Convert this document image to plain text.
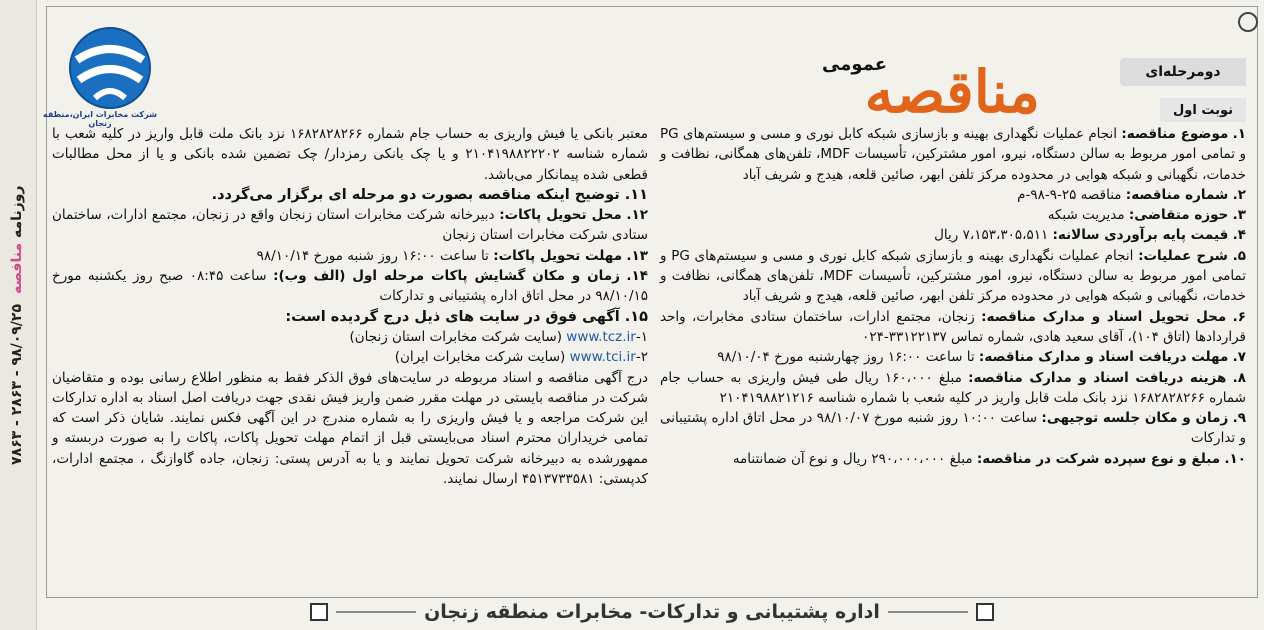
روزنامه

منافصه

۹۸/۰۹/۲۵ - ۲۸۶۳ - ۷۸۶۳
شرکت مخابرات ایران،منطقه زنجان	مناقصه
عمومی	دومرحله‌ای
نوبت اول

۱. موضوع مناقصه: انجام عملیات نگهداری بهینه و بازسازی شبکه کابل نوری و مسی و سیستم‌های PG و تمامی امور مربوط به سالن دستگاه، نیرو، امور مشترکین، تأسیسات MDF، تلفن‌های همگانی، نظافت و خدمات، نگهبانی و شبکه هوایی در محدوده مرکز تلفن ابهر، صائین قلعه، هیدج و شریف آباد

۲. شماره مناقصه: مناقصه ۲۵-۹-۹۸-م

۳. حوزه متقاضی: مدیریت شبکه

۴. قیمت پایه برآوردی سالانه: ۷،۱۵۳،۳۰۵،۵۱۱ ریال

۵. شرح عملیات: انجام عملیات نگهداری بهینه و بازسازی شبکه کابل نوری و مسی و سیستم‌های PG و تمامی امور مربوط به سالن دستگاه، نیرو، امور مشترکین، تأسیسات MDF، تلفن‌های همگانی، نظافت و خدمات، نگهبانی و شبکه هوایی در محدوده مرکز تلفن ابهر، صائین قلعه، هیدج و شریف آباد

۶. محل تحویل اسناد و مدارک مناقصه: زنجان، مجتمع ادارات، ساختمان ستادی مخابرات، واحد قراردادها (اتاق ۱۰۴)، آقای سعید هادی، شماره تماس ۳۳۱۲۲۱۳۷-۰۲۴

۷. مهلت دریافت اسناد و مدارک مناقصه: تا ساعت ۱۶:۰۰ روز چهارشنبه مورخ ۹۸/۱۰/۰۴

۸. هزینه دریافت اسناد و مدارک مناقصه: مبلغ ۱۶۰،۰۰۰ ریال طی فیش واریزی به حساب جام شماره ۱۶۸۲۸۲۸۲۶۶ نزد بانک ملت قابل واریز در کلیه شعب با شماره شناسه ۲۱۰۴۱۹۸۸۲۱۲۱۶

۹. زمان و مکان جلسه توجیهی: ساعت ۱۰:۰۰ روز شنبه مورخ ۹۸/۱۰/۰۷ در محل اتاق اداره پشتیبانی و تدارکات

۱۰. مبلغ و نوع سپرده شرکت در مناقصه: مبلغ ۲۹۰،۰۰۰،۰۰۰ ریال و نوع آن ضمانتنامه

معتبر بانکی یا فیش واریزی به حساب جام شماره ۱۶۸۲۸۲۸۲۶۶ نزد بانک ملت قابل واریز در کلیه شعب با شماره شناسه ۲۱۰۴۱۹۸۸۲۲۲۰۲ و یا چک بانکی رمزدار/ چک تضمین شده بانکی و یا از محل مطالبات قطعی شده پیمانکار می‌باشد.

۱۱. توضیح اینکه مناقصه بصورت دو مرحله ای برگزار می‌گردد.

۱۲. محل تحویل پاکات: دبیرخانه شرکت مخابرات استان زنجان واقع در زنجان، مجتمع ادارات، ساختمان ستادی شرکت مخابرات استان زنجان

۱۳. مهلت تحویل پاکات: تا ساعت ۱۶:۰۰ روز شنبه مورخ ۹۸/۱۰/۱۴

۱۴. زمان و مکان گشایش پاکات مرحله اول (الف وب): ساعت ۰۸:۴۵ صبح روز یکشنبه مورخ ۹۸/۱۰/۱۵ در محل اتاق اداره پشتیبانی و تدارکات

۱۵. آگهی فوق در سایت های ذیل درج گردیده است:

۱-www.tcz.ir (سایت شرکت مخابرات استان زنجان)

۲-www.tci.ir (سایت شرکت مخابرات ایران)

درج آگهی مناقصه و اسناد مربوطه در سایت‌های فوق الذکر فقط به منظور اطلاع رسانی بوده و متقاضیان شرکت در مناقصه بایستی در مهلت مقرر ضمن واریز فیش نقدی جهت دریافت اصل اسناد به اداره تدارکات این شرکت مراجعه و یا فیش واریزی را به شماره مندرج در این آگهی فکس نمایند. شایان ذکر است که تمامی خریداران محترم اسناد می‌بایستی قبل از اتمام مهلت تحویل پاکات، پاکات را به صورت دربسته و ممهورشده به دبیرخانه شرکت تحویل نمایند و یا به آدرس پستی: زنجان، جاده گاوازنگ ، مجتمع ادارات، کدپستی: ۴۵۱۳۷۳۳۵۸۱ ارسال نمایند.

اداره پشتیبانی و تدارکات- مخابرات منطقه زنجان
